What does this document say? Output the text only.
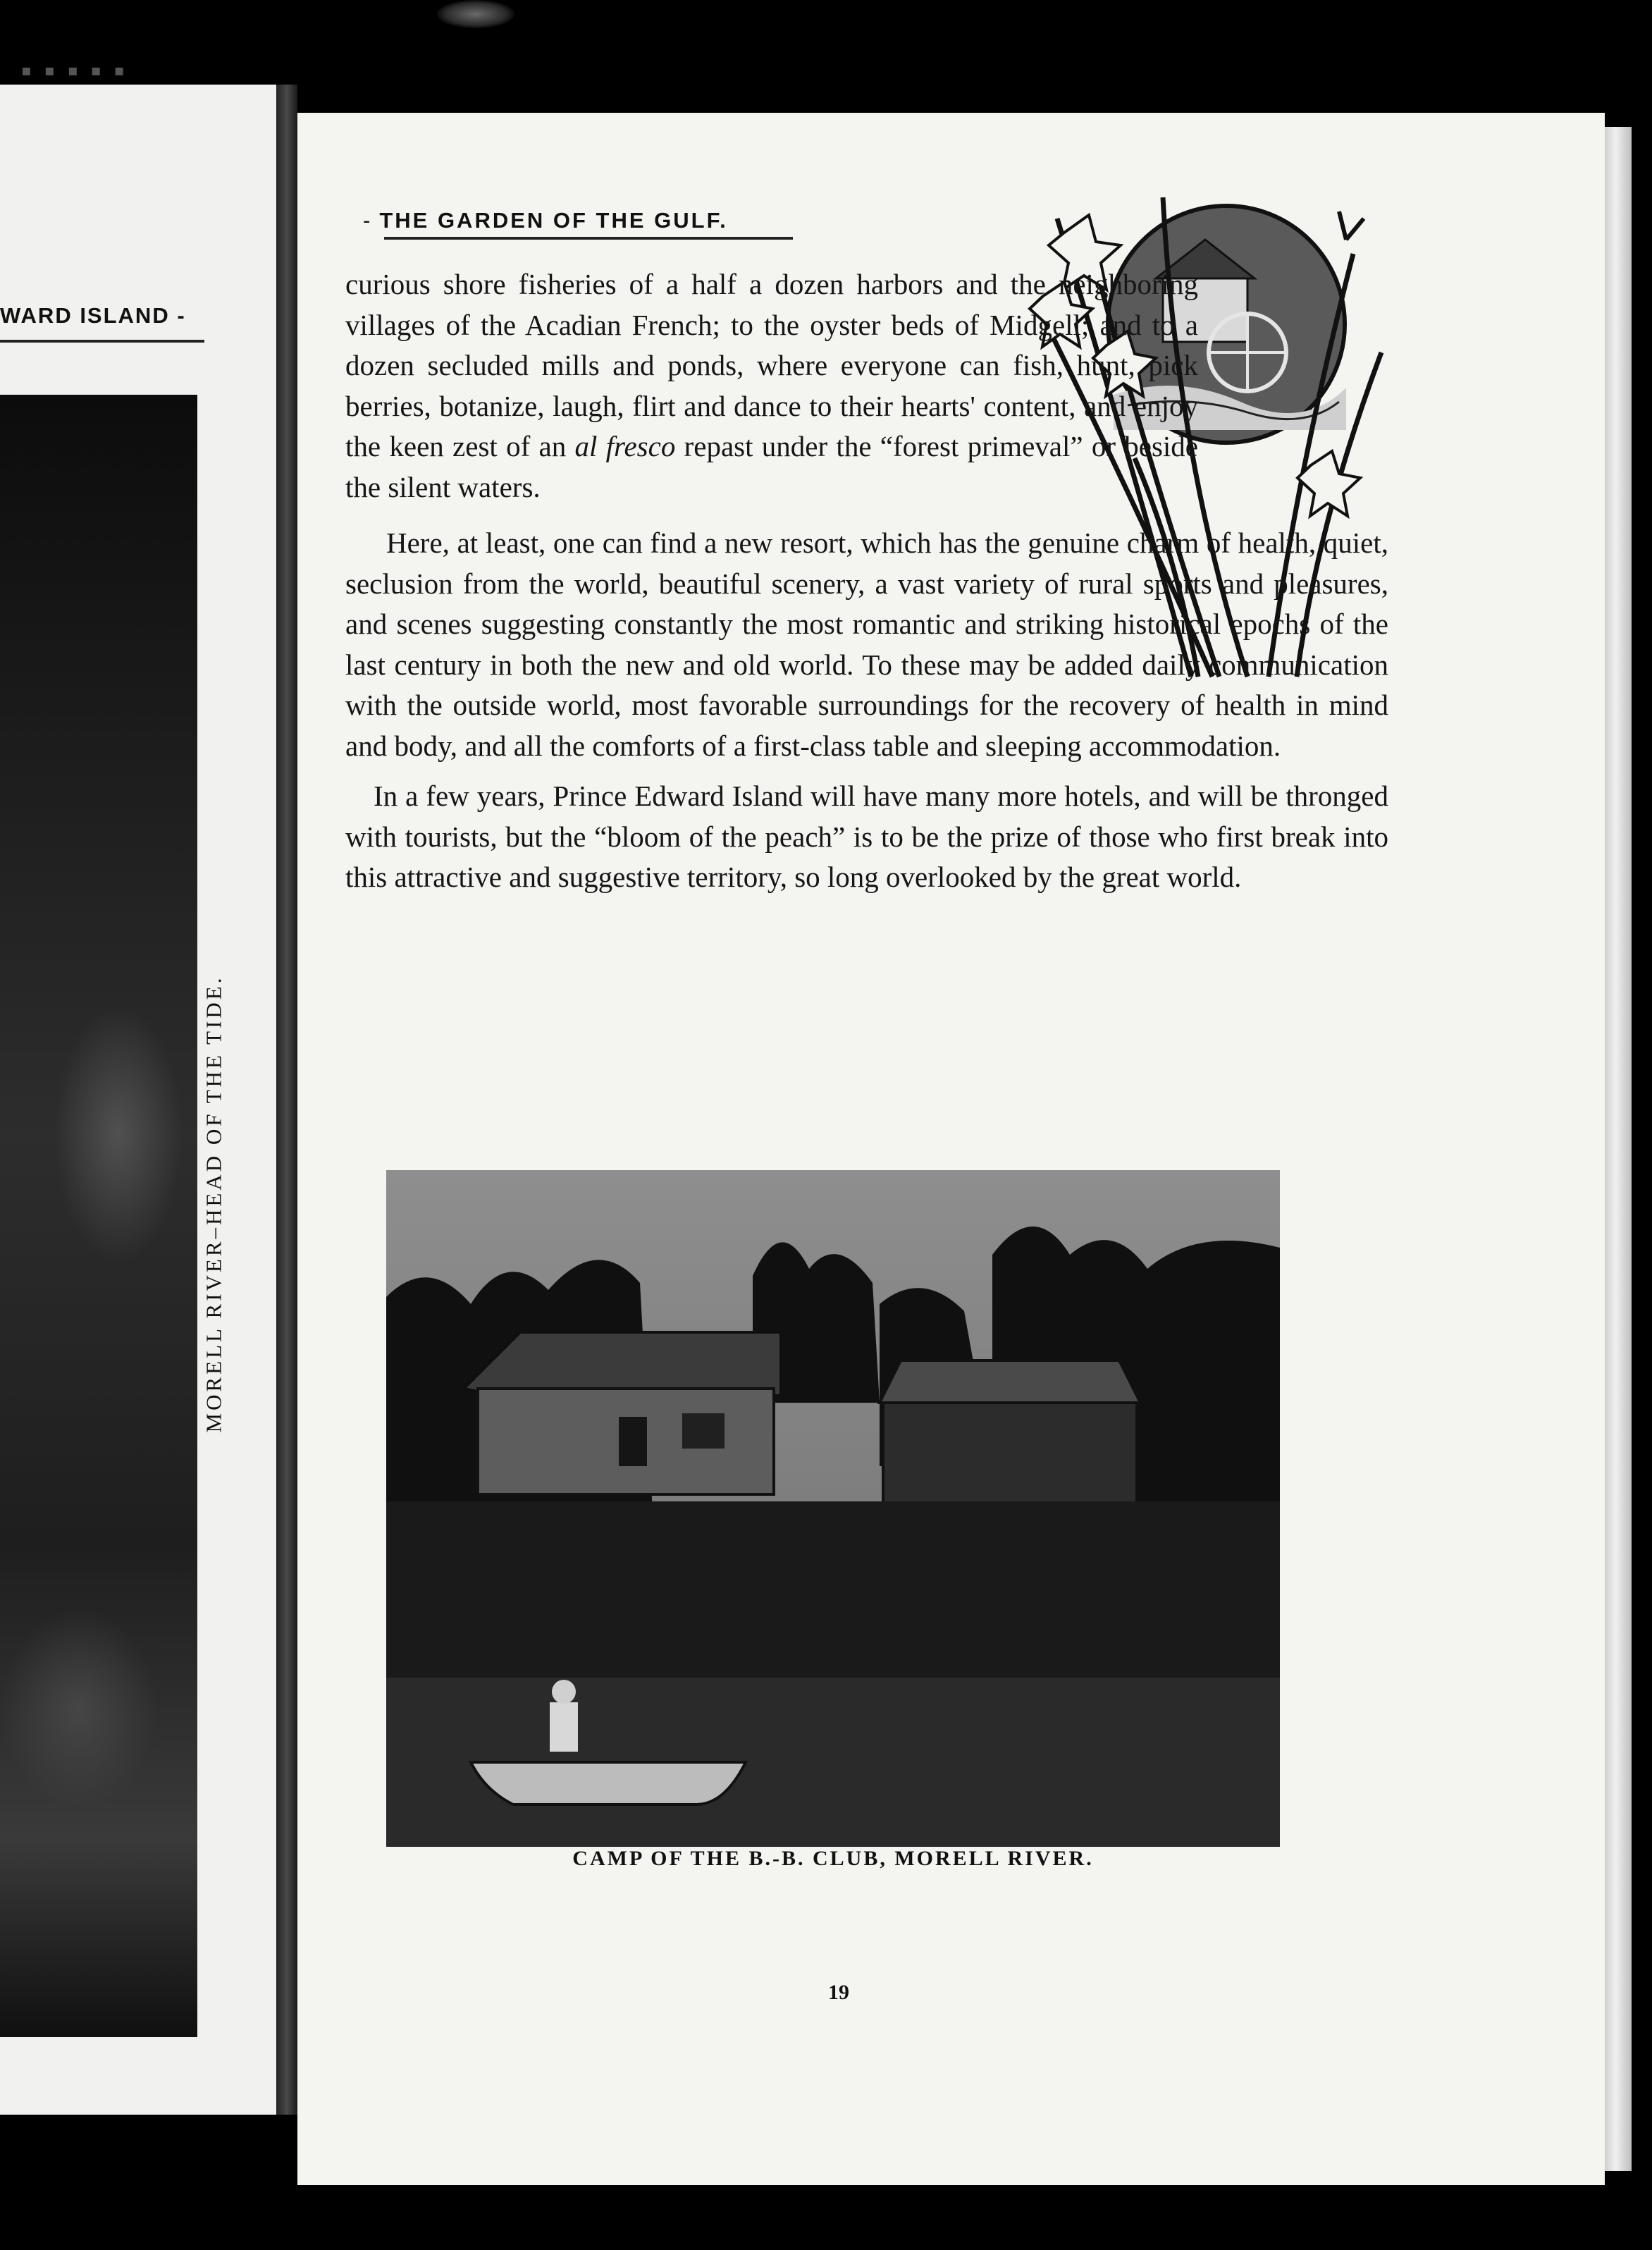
▪▪▪▪▪
WARD ISLAND -
MORELL RIVER–HEAD OF THE TIDE.
- THE GARDEN OF THE GULF.

curious shore fisheries of a half a dozen harbors and the neighboring villages of the Acadian French; to the oyster beds of Midgell; and to a dozen secluded mills and ponds, where everyone can fish, hunt, pick berries, botanize, laugh, flirt and dance to their hearts' content, and enjoy the keen zest of an al fresco repast under the “forest primeval” or beside the silent waters.

Here, at least, one can find a new resort, which has the genuine charm of health, quiet, seclusion from the world, beautiful scenery, a vast variety of rural sports and pleasures, and scenes suggesting constantly the most romantic and striking historical epochs of the last century in both the new and old world. To these may be added daily communication with the outside world, most favorable surroundings for the recovery of health in mind and body, and all the comforts of a first-class table and sleeping accommodation.

In a few years, Prince Edward Island will have many more hotels, and will be thronged with tourists, but the “bloom of the peach” is to be the prize of those who first break into this attractive and suggestive territory, so long overlooked by the great world.

CAMP OF THE B.-B. CLUB, MORELL RIVER.
19
